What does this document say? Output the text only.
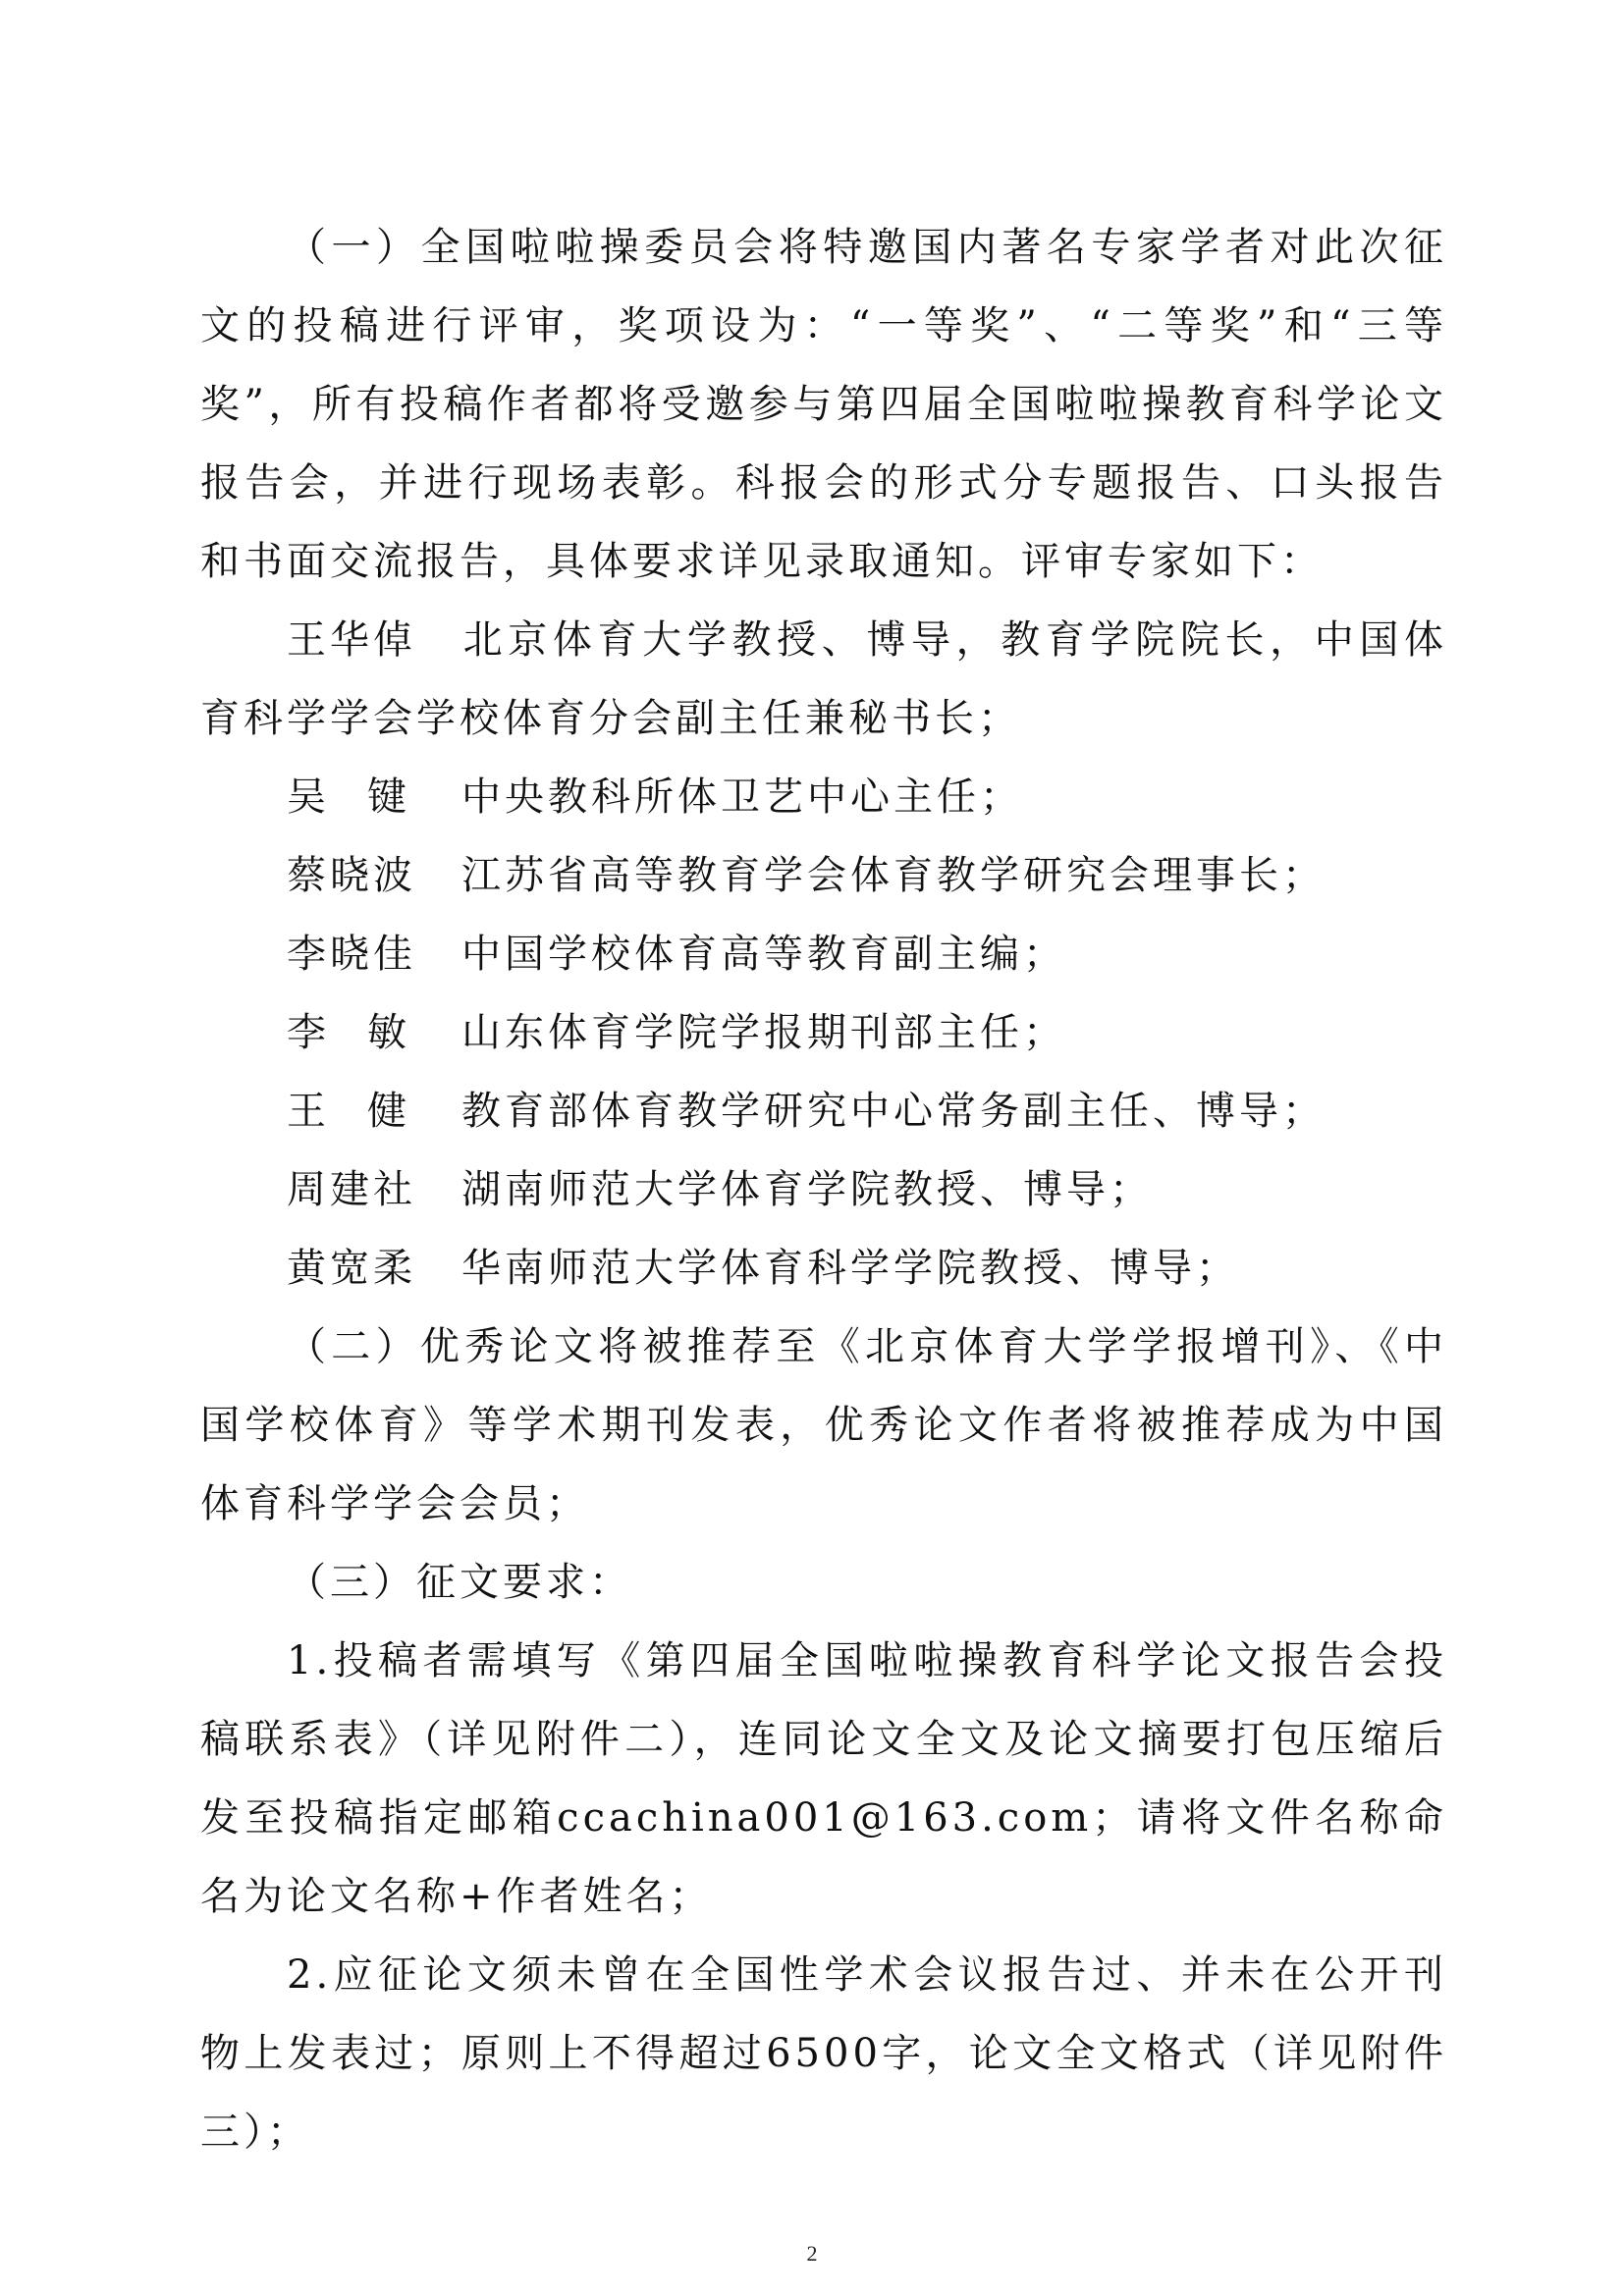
（一）全国啦啦操委员会将特邀国内著名专家学者对此次征文的投稿进行评审，奖项设为：“一等奖”、“二等奖”和“三等奖”，所有投稿作者都将受邀参与第四届全国啦啦操教育科学论文报告会，并进行现场表彰。科报会的形式分专题报告、口头报告和书面交流报告，具体要求详见录取通知。评审专家如下：

王华倬 北京体育大学教授、博导，教育学院院长，中国体育科学学会学校体育分会副主任兼秘书长；

吴键 中央教科所体卫艺中心主任；

蔡晓波	江苏省高等教育学会体育教学研究会理事长；

李晓佳	中国学校体育高等教育副主编；

李敏 山东体育学院学报期刊部主任；

王健 教育部体育教学研究中心常务副主任、博导；

周建社	湖南师范大学体育学院教授、博导；

黄宽柔	华南师范大学体育科学学院教授、博导；

（二）优秀论文将被推荐至《北京体育大学学报增刊》、《中国学校体育》等学术期刊发表，优秀论文作者将被推荐成为中国体育科学学会会员；

（三）征文要求：

1.投稿者需填写《第四届全国啦啦操教育科学论文报告会投稿联系表》（详见附件二），连同论文全文及论文摘要打包压缩后发至投稿指定邮箱ccachina001@163.com；请将文件名称命名为论文名称+作者姓名；

2.应征论文须未曾在全国性学术会议报告过、并未在公开刊物上发表过；原则上不得超过6500字，论文全文格式（详见附件三）；

2
